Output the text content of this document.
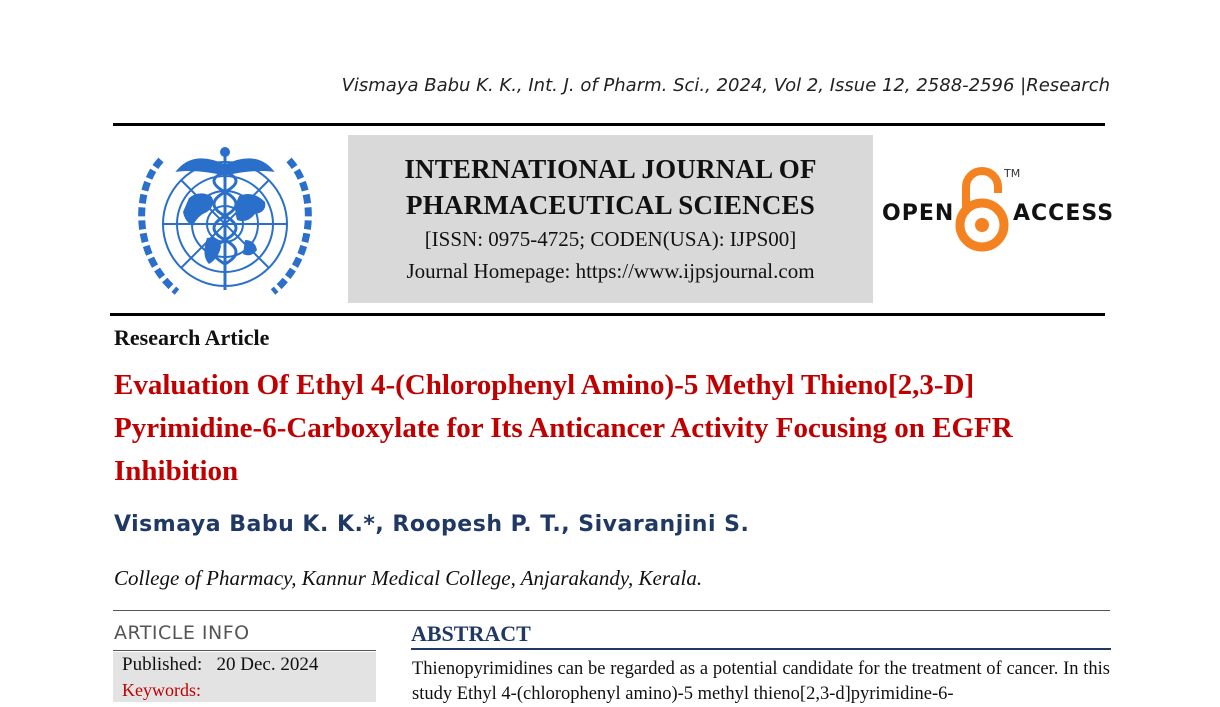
Vismaya Babu K. K., Int. J. of Pharm. Sci., 2024, Vol 2, Issue 12, 2588-2596 |Research
INTERNATIONAL JOURNAL OF
PHARMACEUTICAL SCIENCES
[ISSN: 0975-4725; CODEN(USA): IJPS00]
Journal Homepage: https://www.ijpsjournal.com
OPEN
TM
ACCESS
Research Article
Evaluation Of Ethyl 4-(Chlorophenyl Amino)-5 Methyl Thieno[2,3-D]
Pyrimidine-6-Carboxylate for Its Anticancer Activity Focusing on EGFR
Inhibition
Vismaya Babu K. K.*, Roopesh P. T., Sivaranjini S.
College of Pharmacy, Kannur Medical College, Anjarakandy, Kerala.
ARTICLE INFO
Published: 20 Dec. 2024
Keywords:
ABSTRACT
Thienopyrimidines can be regarded as a potential candidate for the treatment of cancer. In this study Ethyl 4-(chlorophenyl amino)-5 methyl thieno[2,3-d]pyrimidine-6-
